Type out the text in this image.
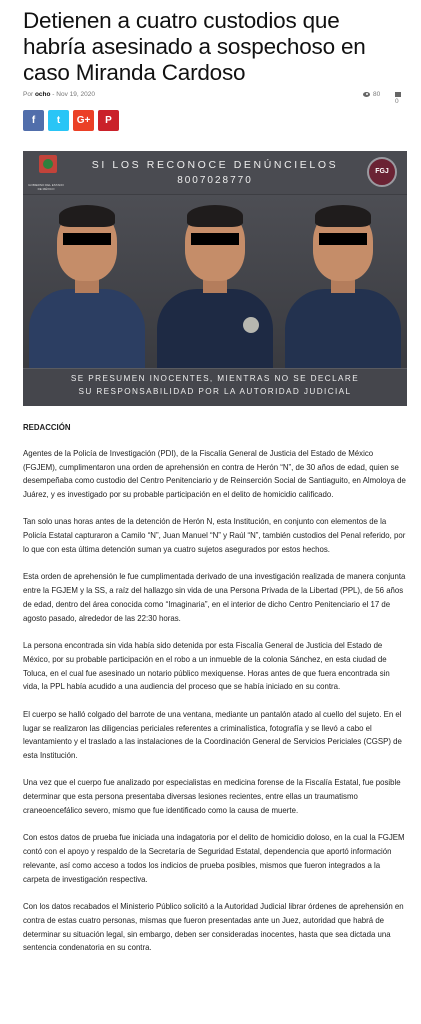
Detienen a cuatro custodios que habría asesinado a sospechoso en caso Miranda Cardoso
Por ocho - Nov 19, 2020	80
0
f	t	G+	P
GOBIERNO DEL ESTADO DE MÉXICO
SI LOS RECONOCE DENÚNCIELOS
8007028770
FGJ
SE PRESUMEN INOCENTES, MIENTRAS NO SE DECLARE
SU RESPONSABILIDAD POR LA AUTORIDAD JUDICIAL

REDACCIÓN

Agentes de la Policía de Investigación (PDI), de la Fiscalía General de Justicia del Estado de México (FGJEM), cumplimentaron una orden de aprehensión en contra de Herón “N”, de 30 años de edad, quien se desempeñaba como custodio del Centro Penitenciario y de Reinserción Social de Santiaguito, en Almoloya de Juárez, y es investigado por su probable participación en el delito de homicidio calificado.

Tan solo unas horas antes de la detención de Herón N, esta Institución, en conjunto con elementos de la Policía Estatal capturaron a Camilo “N”, Juan Manuel “N” y Raúl “N”, también custodios del Penal referido, por lo que con esta última detención suman ya cuatro sujetos asegurados por estos hechos.

Esta orden de aprehensión le fue cumplimentada derivado de una investigación realizada de manera conjunta entre la FGJEM y la SS, a raíz del hallazgo sin vida de una Persona Privada de la Libertad (PPL), de 56 años de edad, dentro del área conocida como “Imaginaria”, en el interior de dicho Centro Penitenciario el 17 de agosto pasado, alrededor de las 22:30 horas.

La persona encontrada sin vida había sido detenida por esta Fiscalía General de Justicia del Estado de México, por su probable participación en el robo a un inmueble de la colonia Sánchez, en esta ciudad de Toluca, en el cual fue asesinado un notario público mexiquense. Horas antes de que fuera encontrada sin vida, la PPL había acudido a una audiencia del proceso que se había iniciado en su contra.

El cuerpo se halló colgado del barrote de una ventana, mediante un pantalón atado al cuello del sujeto. En el lugar se realizaron las diligencias periciales referentes a criminalística, fotografía y se llevó a cabo el levantamiento y el traslado a las instalaciones de la Coordinación General de Servicios Periciales (CGSP) de esta Institución.

Una vez que el cuerpo fue analizado por especialistas en medicina forense de la Fiscalía Estatal, fue posible determinar que esta persona presentaba diversas lesiones recientes, entre ellas un traumatismo craneoencefálico severo, mismo que fue identificado como la causa de muerte.

Con estos datos de prueba fue iniciada una indagatoria por el delito de homicidio doloso, en la cual la FGJEM contó con el apoyo y respaldo de la Secretaría de Seguridad Estatal, dependencia que aportó información relevante, así como acceso a todos los indicios de prueba posibles, mismos que fueron integrados a la carpeta de investigación respectiva.

Con los datos recabados el Ministerio Público solicitó a la Autoridad Judicial librar órdenes de aprehensión en contra de estas cuatro personas, mismas que fueron presentadas ante un Juez, autoridad que habrá de determinar su situación legal, sin embargo, deben ser consideradas inocentes, hasta que sea dictada una sentencia condenatoria en su contra.
